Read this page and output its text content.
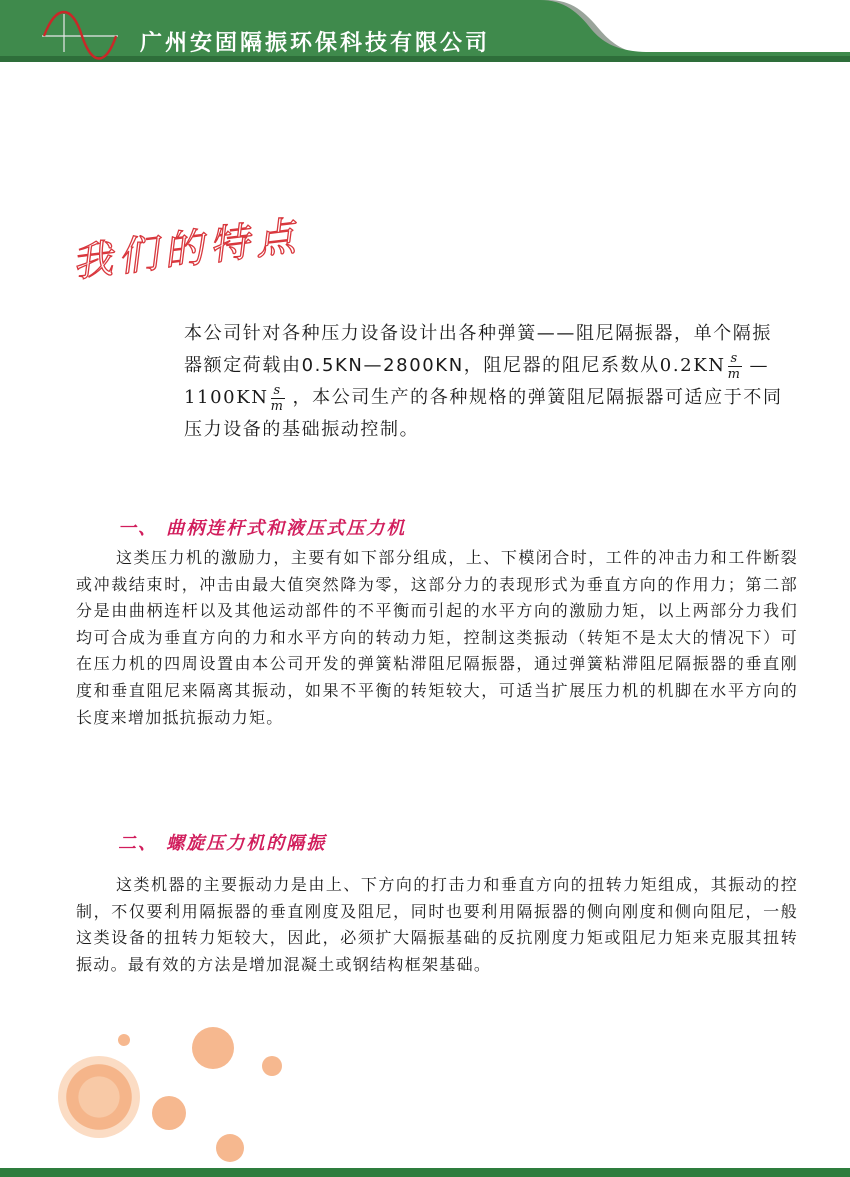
广州安固隔振环保科技有限公司
我们的特点

本公司针对各种压力设备设计出各种弹簧——阻尼隔振器，单个隔振器额定荷载由0.5KN—2800KN，阻尼器的阻尼系数从$0.2KN \frac{s}{m}$ —1100KN $\frac{s}{m}$ ，本公司生产的各种规格的弹簧阻尼隔振器可适应于不同压力设备的基础振动控制。

一、 曲柄连杆式和液压式压力机
这类压力机的激励力，主要有如下部分组成，上、下模闭合时，工件的冲击力和工件断裂或冲裁结束时，冲击由最大值突然降为零，这部分力的表现形式为垂直方向的作用力；第二部分是由曲柄连杆以及其他运动部件的不平衡而引起的水平方向的激励力矩，以上两部分力我们均可合成为垂直方向的力和水平方向的转动力矩，控制这类振动（转矩不是太大的情况下）可在压力机的四周设置由本公司开发的弹簧粘滞阻尼隔振器，通过弹簧粘滞阻尼隔振器的垂直刚度和垂直阻尼来隔离其振动，如果不平衡的转矩较大，可适当扩展压力机的机脚在水平方向的长度来增加抵抗振动力矩。
二、 螺旋压力机的隔振
这类机器的主要振动力是由上、下方向的打击力和垂直方向的扭转力矩组成，其振动的控制，不仅要利用隔振器的垂直刚度及阻尼，同时也要利用隔振器的侧向刚度和侧向阻尼，一般这类设备的扭转力矩较大，因此，必须扩大隔振基础的反抗刚度力矩或阻尼力矩来克服其扭转振动。最有效的方法是增加混凝土或钢结构框架基础。
